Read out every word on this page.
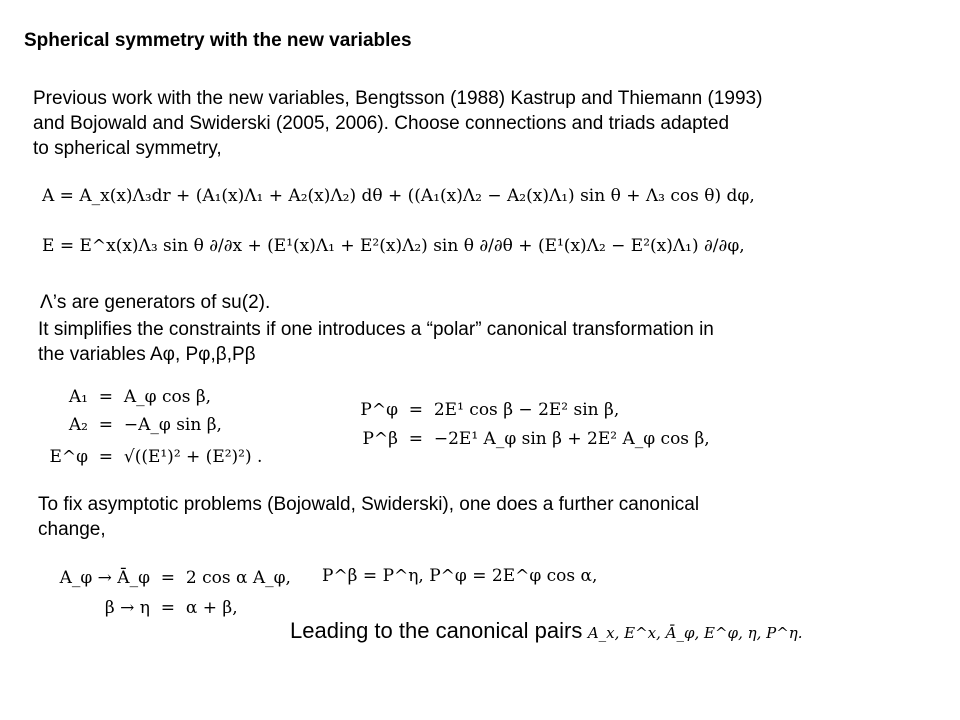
Spherical symmetry with the new variables
Previous work with the new variables, Bengtsson (1988) Kastrup and Thiemann (1993)
and Bojowald and Swiderski (2005, 2006). Choose connections and triads adapted
to spherical symmetry,
A = A_x(x)Λ₃dr + (A₁(x)Λ₁ + A₂(x)Λ₂) dθ + ((A₁(x)Λ₂ − A₂(x)Λ₁) sin θ + Λ₃ cos θ) dφ,
E = E^x(x)Λ₃ sin θ ∂/∂x + (E¹(x)Λ₁ + E²(x)Λ₂) sin θ ∂/∂θ + (E¹(x)Λ₂ − E²(x)Λ₁) ∂/∂φ,
Λ’s are generators of su(2).
It simplifies the constraints if one introduces a “polar” canonical transformation in
the variables Aφ, Pφ,β,Pβ
A₁  =  A_φ cos β,
A₂  =  −A_φ sin β,
E^φ  =  √((E¹)² + (E²)²) .
P^φ  =  2E¹ cos β − 2E² sin β,
P^β  =  −2E¹ A_φ sin β + 2E² A_φ cos β,
To fix asymptotic problems (Bojowald, Swiderski), one does a further canonical
change,
A_φ → Ā_φ  =  2 cos α A_φ,
β → η  =  α + β,
P^β = P^η, P^φ = 2E^φ cos α,
Leading to the canonical pairs A_x, E^x, Ā_φ, E^φ, η, P^η.
